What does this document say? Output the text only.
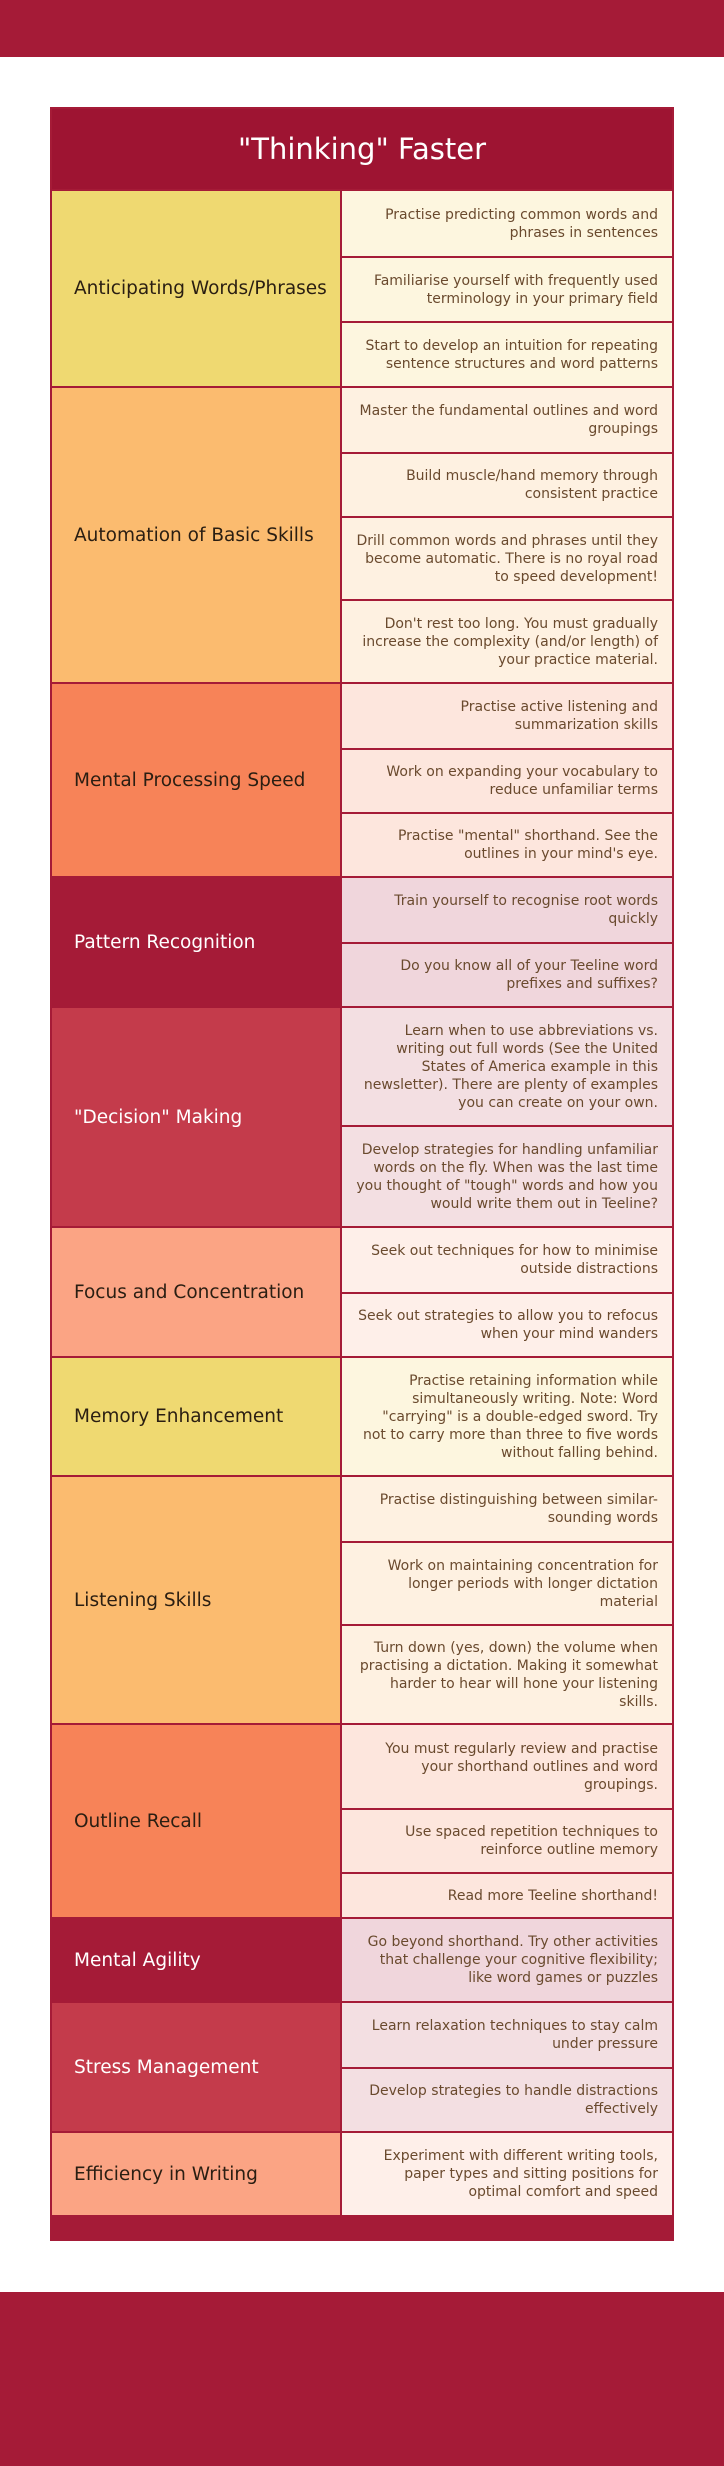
"Thinking" Faster
Anticipating Words/Phrases
Practise predicting common words and phrases in sentences
Familiarise yourself with frequently used terminology in your primary field
Start to develop an intuition for repeating sentence structures and word patterns
Automation of Basic Skills
Master the fundamental outlines and word groupings
Build muscle/hand memory through consistent practice
Drill common words and phrases until they become automatic. There is no royal road to speed development!
Don't rest too long. You must gradually increase the complexity (and/or length) of your practice material.
Mental Processing Speed
Practise active listening and summarization skills
Work on expanding your vocabulary to reduce unfamiliar terms
Practise "mental" shorthand. See the outlines in your mind's eye.
Pattern Recognition
Train yourself to recognise root words quickly
Do you know all of your Teeline word prefixes and suffixes?
"Decision" Making
Learn when to use abbreviations vs. writing out full words (See the United States of America example in this newsletter). There are plenty of examples you can create on your own.
Develop strategies for handling unfamiliar words on the fly. When was the last time you thought of "tough" words and how you would write them out in Teeline?
Focus and Concentration
Seek out techniques for how to minimise outside distractions
Seek out strategies to allow you to refocus when your mind wanders
Memory Enhancement
Practise retaining information while simultaneously writing. Note: Word "carrying" is a double-edged sword. Try not to carry more than three to five words without falling behind.
Listening Skills
Practise distinguishing between similar-sounding words
Work on maintaining concentration for longer periods with longer dictation material
Turn down (yes, down) the volume when practising a dictation. Making it somewhat harder to hear will hone your listening skills.
Outline Recall
You must regularly review and practise your shorthand outlines and word groupings.
Use spaced repetition techniques to reinforce outline memory
Read more Teeline shorthand!
Mental Agility
Go beyond shorthand. Try other activities that challenge your cognitive flexibility; like word games or puzzles
Stress Management
Learn relaxation techniques to stay calm under pressure
Develop strategies to handle distractions effectively
Efficiency in Writing
Experiment with different writing tools, paper types and sitting positions for optimal comfort and speed
